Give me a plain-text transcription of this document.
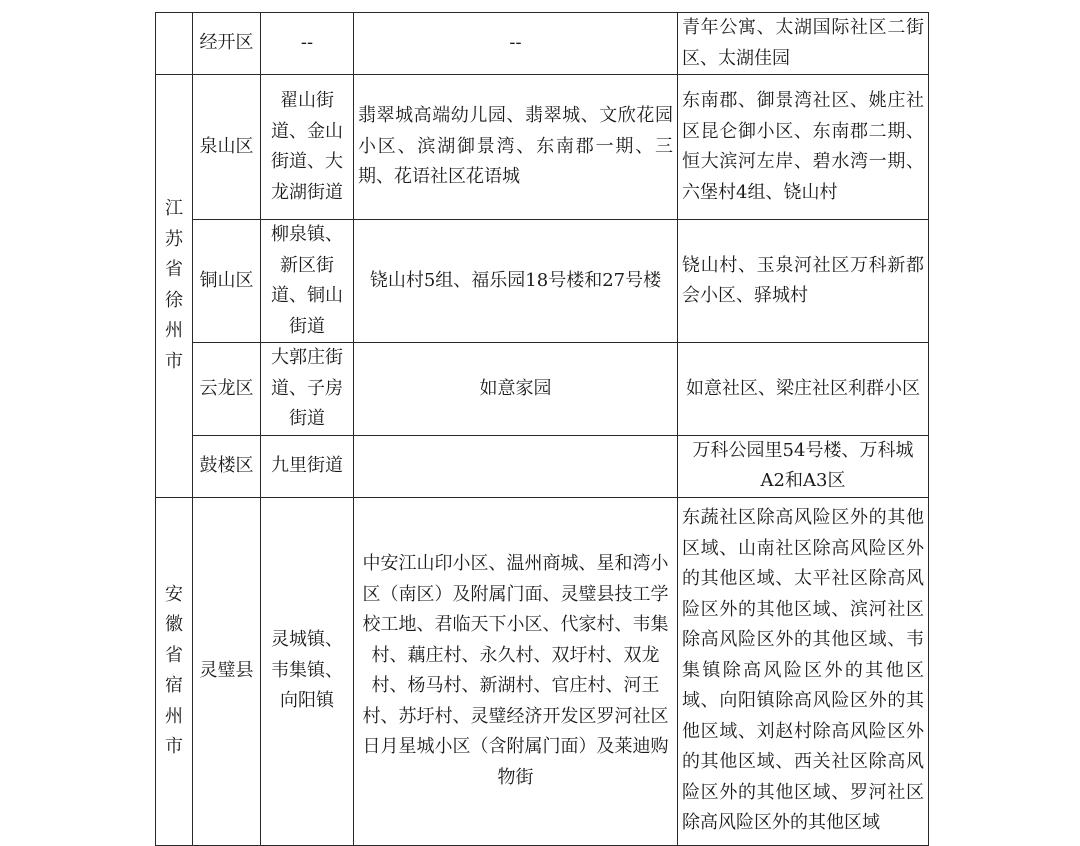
	经开区	--	--	青年公寓、太湖国际社区二街区、太湖佳园

江苏省徐州市	泉山区	翟山街道、金山街道、大龙湖街道	翡翠城高端幼儿园、翡翠城、文欣花园小区、滨湖御景湾、东南郡一期、三期、花语社区花语城	东南郡、御景湾社区、姚庄社区昆仑御小区、东南郡二期、恒大滨河左岸、碧水湾一期、六堡村4组、铙山村
	铜山区	柳泉镇、新区街道、铜山街道	铙山村5组、福乐园18号楼和27号楼	铙山村、玉泉河社区万科新都会小区、驿城村
	云龙区	大郭庄街道、子房街道	如意家园	如意社区、梁庄社区利群小区
	鼓楼区	九里街道		万科公园里54号楼、万科城A2和A3区

安徽省宿州市	灵璧县	灵城镇、韦集镇、向阳镇	中安江山印小区、温州商城、星和湾小区（南区）及附属门面、灵璧县技工学校工地、君临天下小区、代家村、韦集村、藕庄村、永久村、双圩村、双龙村、杨马村、新湖村、官庄村、河王村、苏圩村、灵璧经济开发区罗河社区日月星城小区（含附属门面）及莱迪购物街	东蔬社区除高风险区外的其他区域、山南社区除高风险区外的其他区域、太平社区除高风险区外的其他区域、滨河社区除高风险区外的其他区域、韦集镇除高风险区外的其他区域、向阳镇除高风险区外的其他区域、刘赵村除高风险区外的其他区域、西关社区除高风险区外的其他区域、罗河社区除高风险区外的其他区域
